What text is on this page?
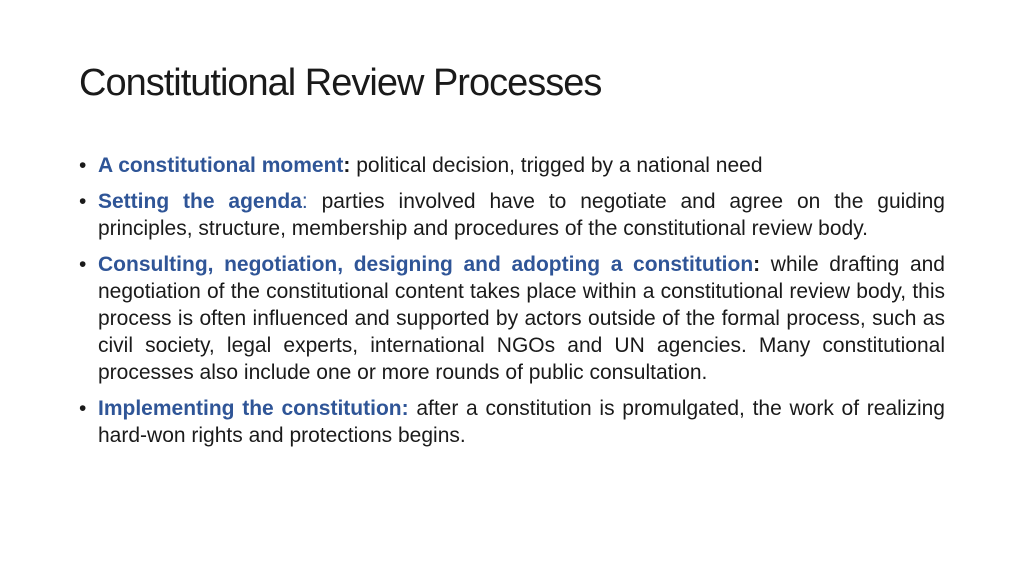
Constitutional Review Processes
• A constitutional moment: political decision, trigged by a national need
• Setting the agenda: parties involved have to negotiate and agree on the guiding principles, structure, membership and procedures of the constitutional review body.
• Consulting, negotiation, designing and adopting a constitution: while drafting and negotiation of the constitutional content takes place within a constitutional review body, this process is often influenced and supported by actors outside of the formal process, such as civil society, legal experts, international NGOs and UN agencies. Many constitutional processes also include one or more rounds of public consultation.
• Implementing the constitution: after a constitution is promulgated, the work of realizing hard-won rights and protections begins.
